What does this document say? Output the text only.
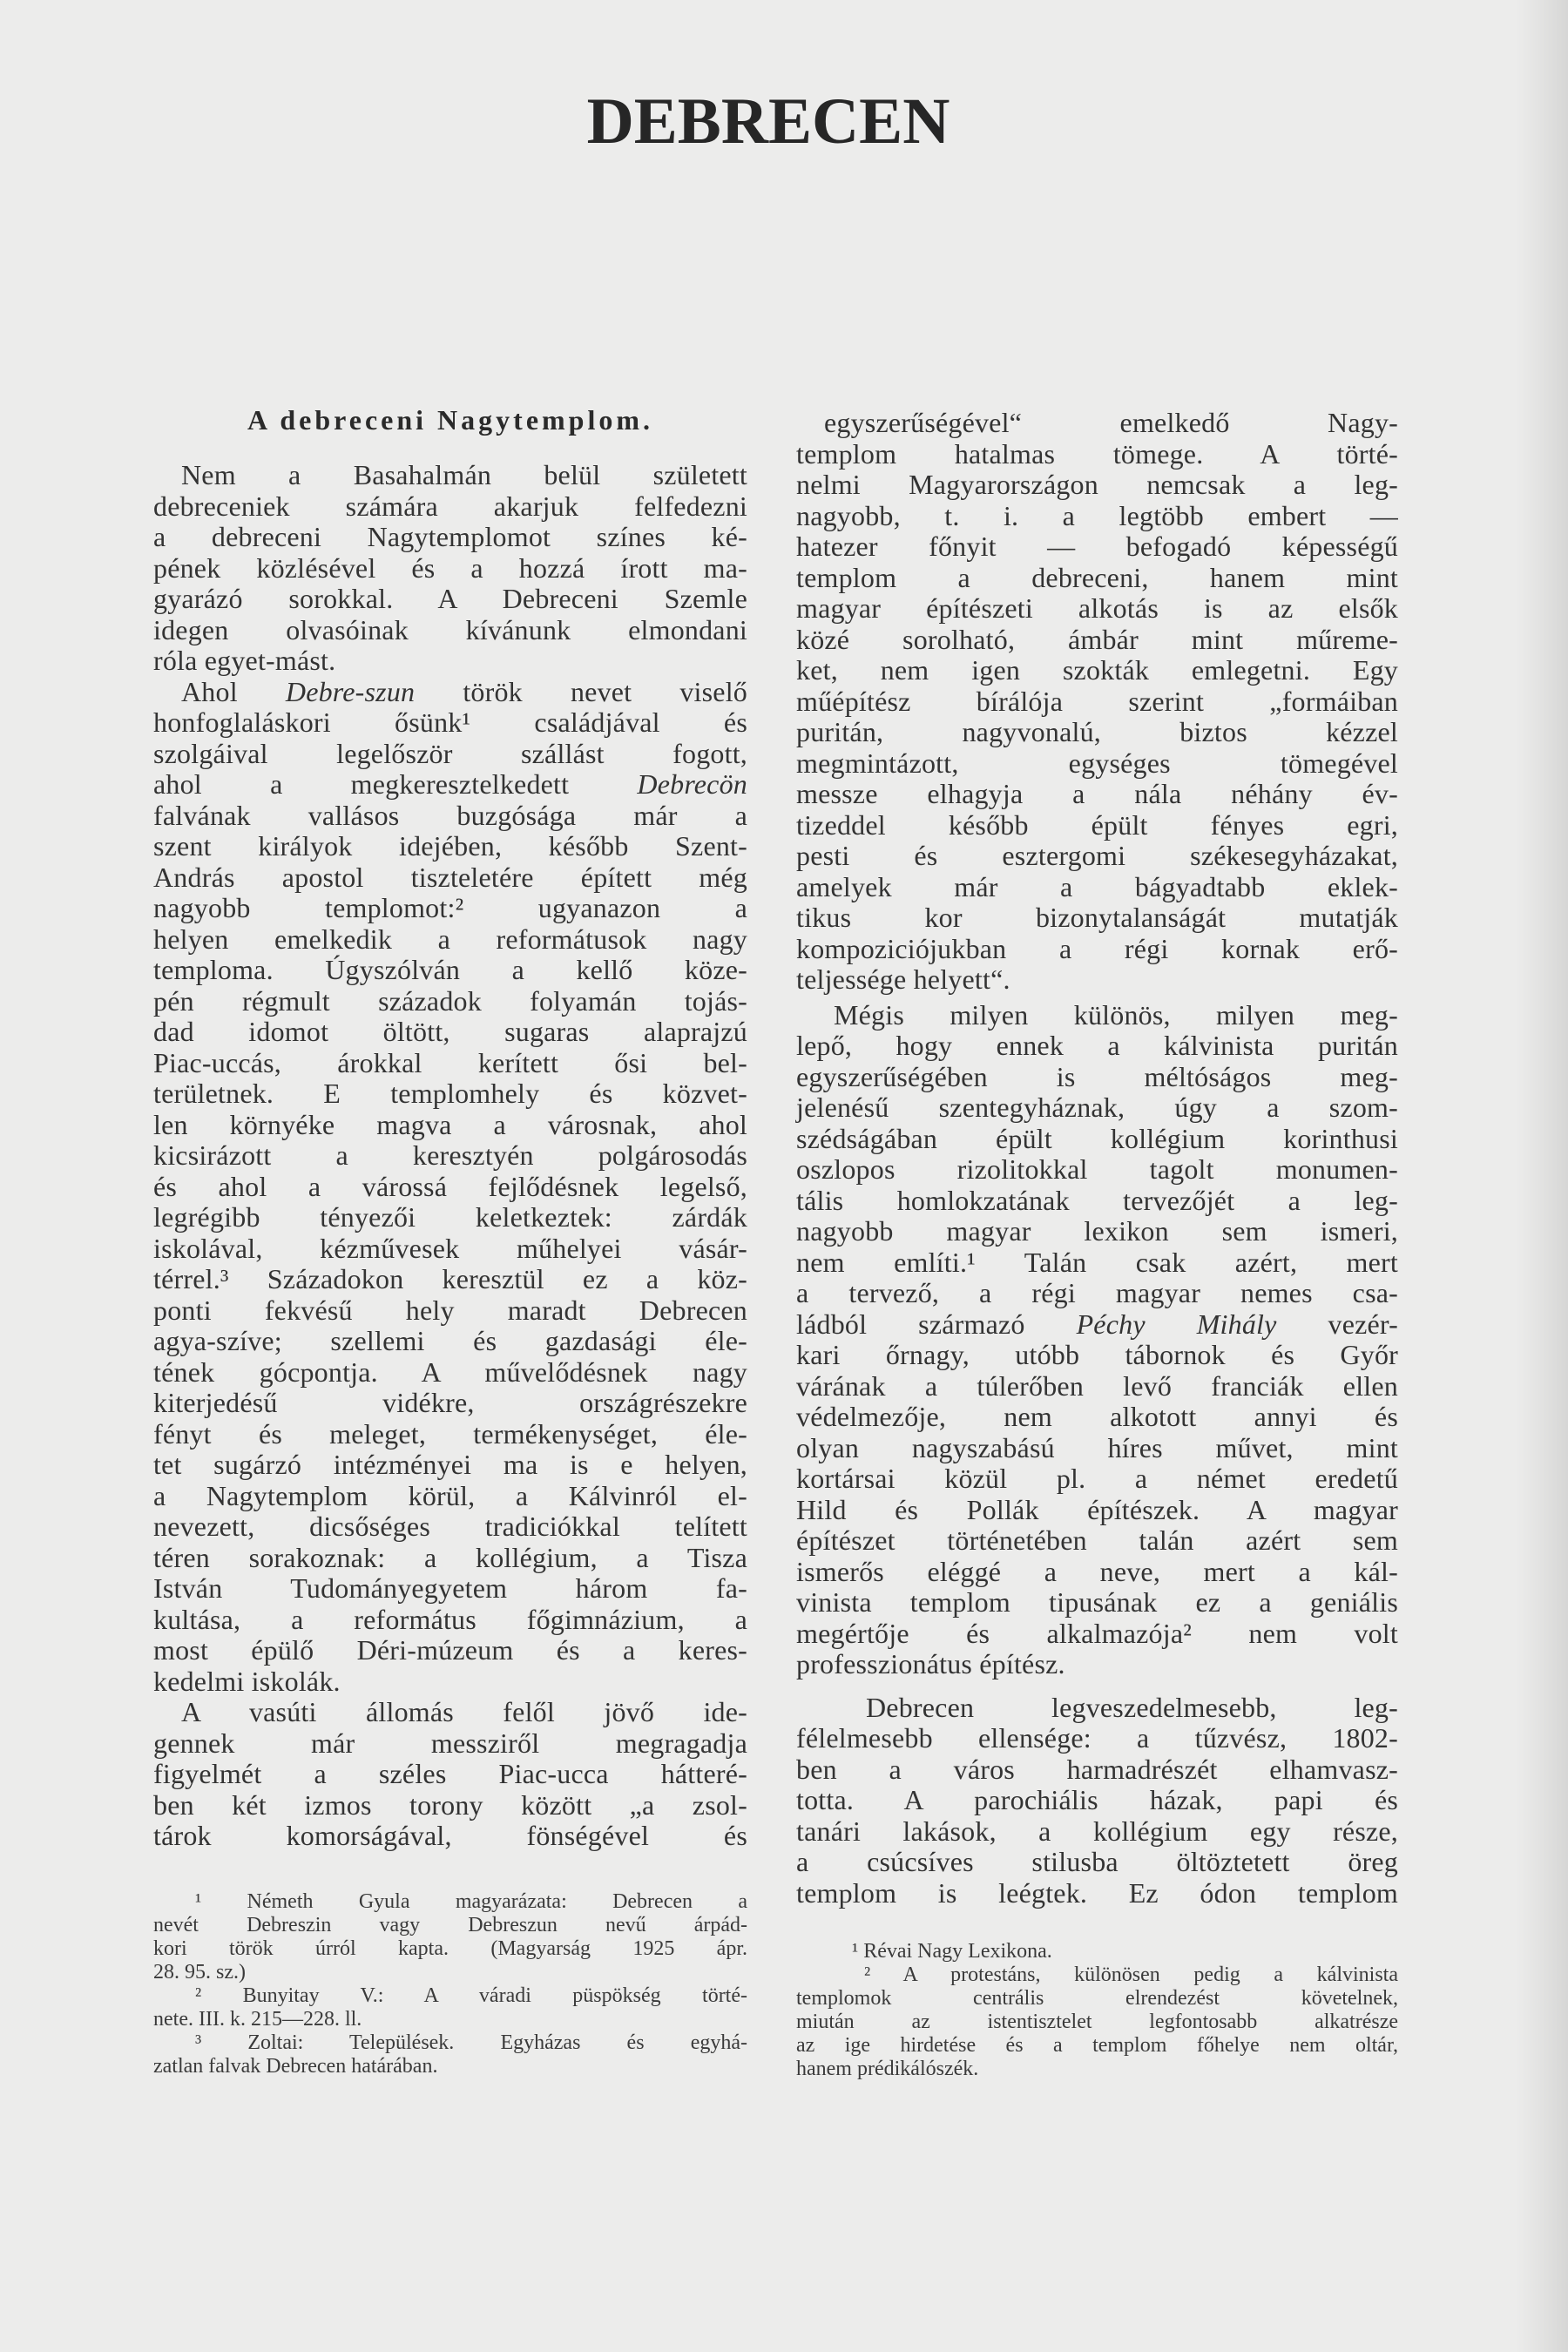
DEBRECEN
A debreceni Nagytemplom.
Nem a Basahalmán belül született
debreceniek számára akarjuk felfedezni
a debreceni Nagytemplomot színes ké-
pének közlésével és a hozzá írott ma-
gyarázó sorokkal. A Debreceni Szemle
idegen olvasóinak kívánunk elmondani
róla egyet-mást.
Ahol Debre-szun török nevet viselő
honfoglaláskori ősünk¹ családjával és
szolgáival legelőször szállást fogott,
ahol a megkeresztelkedett Debrecön
falvának vallásos buzgósága már a
szent királyok idejében, később Szent-
András apostol tiszteletére épített még
nagyobb templomot:² ugyanazon a
helyen emelkedik a reformátusok nagy
temploma. Úgyszólván a kellő köze-
pén régmult századok folyamán tojás-
dad idomot öltött, sugaras alaprajzú
Piac-uccás, árokkal kerített ősi bel-
területnek. E templomhely és közvet-
len környéke magva a városnak, ahol
kicsirázott a keresztyén polgárosodás
és ahol a várossá fejlődésnek legelső,
legrégibb tényezői keletkeztek: zárdák
iskolával, kézművesek műhelyei vásár-
térrel.³ Századokon keresztül ez a köz-
ponti fekvésű hely maradt Debrecen
agya-szíve; szellemi és gazdasági éle-
tének gócpontja. A művelődésnek nagy
kiterjedésű vidékre, országrészekre
fényt és meleget, termékenységet, éle-
tet sugárzó intézményei ma is e helyen,
a Nagytemplom körül, a Kálvinról el-
nevezett, dicsőséges tradiciókkal telített
téren sorakoznak: a kollégium, a Tisza
István Tudományegyetem három fa-
kultása, a református főgimnázium, a
most épülő Déri-múzeum és a keres-
kedelmi iskolák.
A vasúti állomás felől jövő ide-
gennek már messziről megragadja
figyelmét a széles Piac-ucca hátteré-
ben két izmos torony között „a zsol-
tárok komorságával, fönségével és
egyszerűségével“ emelkedő Nagy-
templom hatalmas tömege. A törté-
nelmi Magyarországon nemcsak a leg-
nagyobb, t. i. a legtöbb embert —
hatezer főnyit — befogadó képességű
templom a debreceni, hanem mint
magyar építészeti alkotás is az elsők
közé sorolható, ámbár mint műreme-
ket, nem igen szokták emlegetni. Egy
műépítész bírálója szerint „formáiban
puritán, nagyvonalú, biztos kézzel
megmintázott, egységes tömegével
messze elhagyja a nála néhány év-
tizeddel később épült fényes egri,
pesti és esztergomi székesegyházakat,
amelyek már a bágyadtabb eklek-
tikus kor bizonytalanságát mutatják
kompoziciójukban a régi kornak erő-
teljessége helyett“.
Mégis milyen különös, milyen meg-
lepő, hogy ennek a kálvinista puritán
egyszerűségében is méltóságos meg-
jelenésű szentegyháznak, úgy a szom-
szédságában épült kollégium korinthusi
oszlopos rizolitokkal tagolt monumen-
tális homlokzatának tervezőjét a leg-
nagyobb magyar lexikon sem ismeri,
nem említi.¹ Talán csak azért, mert
a tervező, a régi magyar nemes csa-
ládból származó Péchy Mihály vezér-
kari őrnagy, utóbb tábornok és Győr
várának a túlerőben levő franciák ellen
védelmezője, nem alkotott annyi és
olyan nagyszabású híres művet, mint
kortársai közül pl. a német eredetű
Hild és Pollák építészek. A magyar
építészet történetében talán azért sem
ismerős eléggé a neve, mert a kál-
vinista templom tipusának ez a geniális
megértője és alkalmazója² nem volt
professzionátus építész.
Debrecen legveszedelmesebb, leg-
félelmesebb ellensége: a tűzvész, 1802-
ben a város harmadrészét elhamvasz-
totta. A parochiális házak, papi és
tanári lakások, a kollégium egy része,
a csúcsíves stilusba öltöztetett öreg
templom is leégtek. Ez ódon templom
¹ Németh Gyula magyarázata: Debrecen a
nevét Debreszin vagy Debreszun nevű árpád-
kori török úrról kapta. (Magyarság 1925 ápr.
28. 95. sz.)
² Bunyitay V.: A váradi püspökség törté-
nete. III. k. 215—228. ll.
³ Zoltai: Települések. Egyházas és egyhá-
zatlan falvak Debrecen határában.
¹ Révai Nagy Lexikona.
² A protestáns, különösen pedig a kálvinista
templomok centrális elrendezést követelnek,
miután az istentisztelet legfontosabb alkatrésze
az ige hirdetése és a templom főhelye nem oltár,
hanem prédikálószék.
